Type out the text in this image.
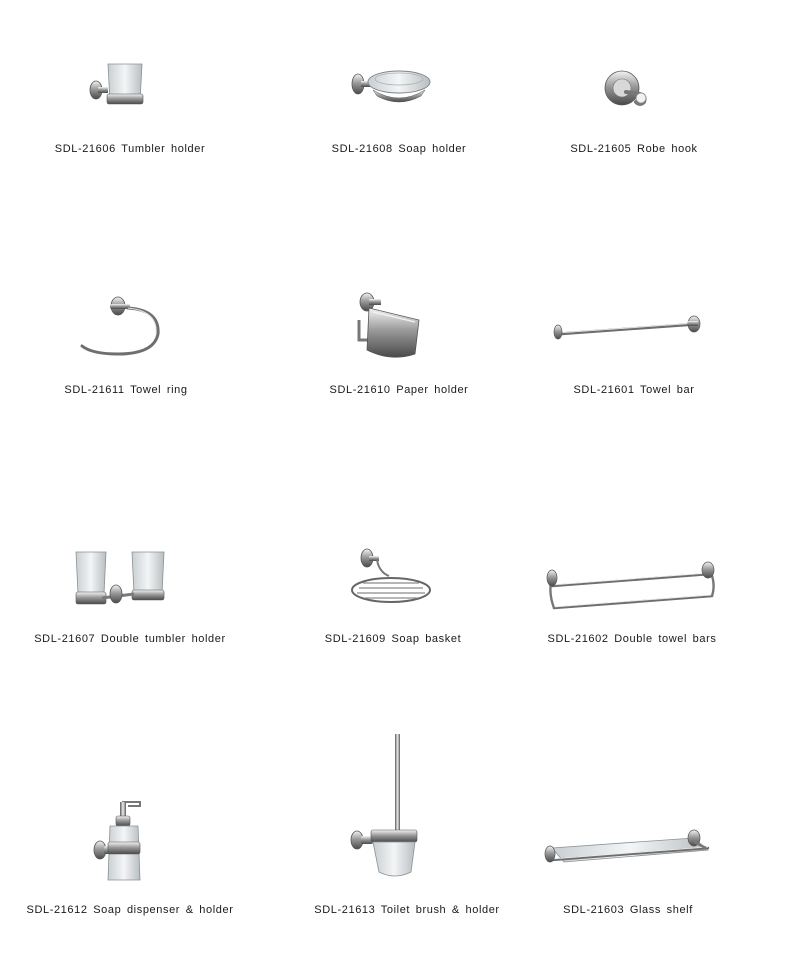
SDL-21606 Tumbler holder	SDL-21608 Soap holder	SDL-21605 Robe hook
SDL-21611 Towel ring	SDL-21610 Paper holder	SDL-21601 Towel bar
SDL-21607 Double tumbler holder	SDL-21609 Soap basket	SDL-21602 Double towel bars
SDL-21612 Soap dispenser & holder	SDL-21613 Toilet brush & holder	SDL-21603 Glass shelf
